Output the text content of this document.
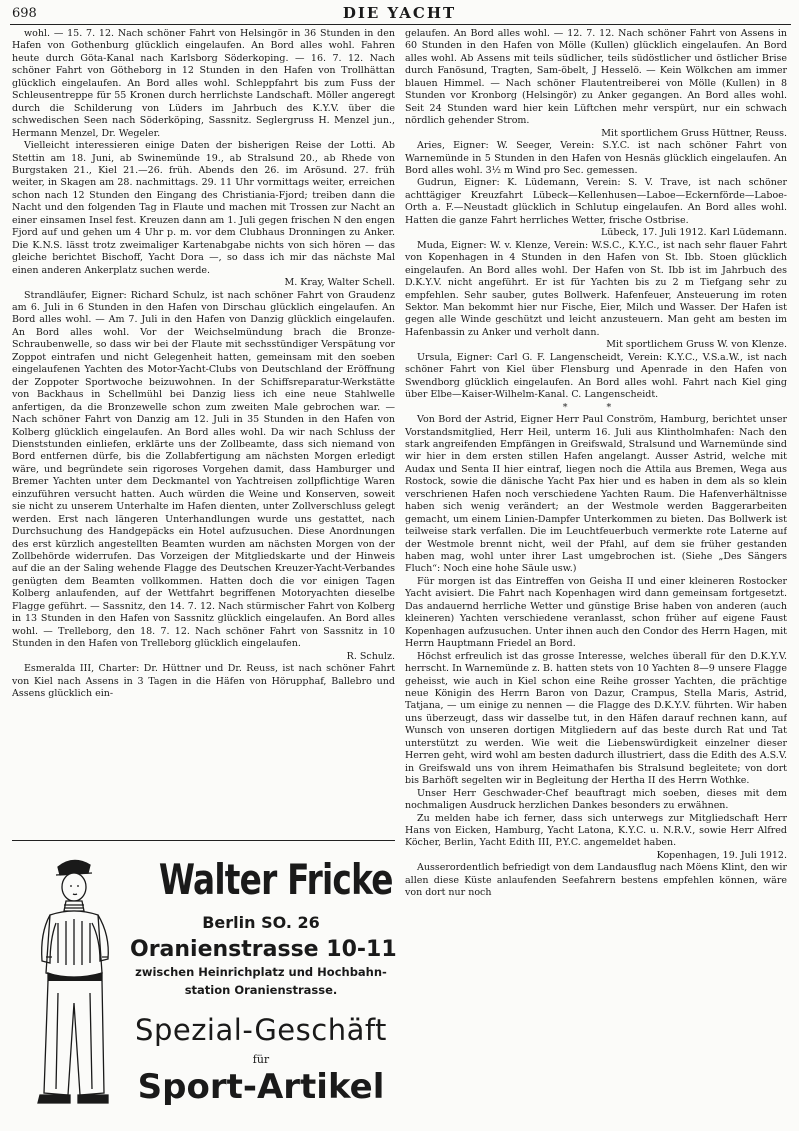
698	DIE YACHT

wohl. — 15. 7. 12. Nach schöner Fahrt von Helsingör in 36 Stunden in den Hafen von Gothenburg glücklich eingelaufen. An Bord alles wohl. Fahren heute durch Göta-Kanal nach Karlsborg Söderkoping. — 16. 7. 12. Nach schöner Fahrt von Götheborg in 12 Stunden in den Hafen von Trollhättan glücklich eingelaufen. An Bord alles wohl. Schleppfahrt bis zum Fuss der Schleusentreppe für 55 Kronen durch herrlichste Landschaft. Möller angeregt durch die Schilderung von Lüders im Jahrbuch des K.Y.V. über die schwedischen Seen nach Söderköping, Sassnitz. Seglergruss H. Menzel jun., Hermann Menzel, Dr. Wegeler.

Vielleicht interessieren einige Daten der bisherigen Reise der Lotti. Ab Stettin am 18. Juni, ab Swinemünde 19., ab Stralsund 20., ab Rhede von Burgstaken 21., Kiel 21.—26. früh. Abends den 26. im Arösund. 27. früh weiter, in Skagen am 28. nachmittags. 29. 11 Uhr vormittags weiter, erreichen schon nach 12 Stunden den Eingang des Christiania-Fjord; treiben dann die Nacht und den folgenden Tag in Flaute und machen mit Trossen zur Nacht an einer einsamen Insel fest. Kreuzen dann am 1. Juli gegen frischen N den engen Fjord auf und gehen um 4 Uhr p. m. vor dem Clubhaus Dronningen zu Anker. Die K.N.S. lässt trotz zweimaliger Kartenabgabe nichts von sich hören — das gleiche berichtet Bischoff, Yacht Dora —, so dass ich mir das nächste Mal einen anderen Ankerplatz suchen werde.

M. Kray, Walter Schell.

Strandläufer, Eigner: Richard Schulz, ist nach schöner Fahrt von Graudenz am 6. Juli in 6 Stunden in den Hafen von Dirschau glücklich eingelaufen. An Bord alles wohl. — Am 7. Juli in den Hafen von Danzig glücklich eingelaufen. An Bord alles wohl. Vor der Weichselmündung brach die Bronze-Schraubenwelle, so dass wir bei der Flaute mit sechsstündiger Verspätung vor Zoppot eintrafen und nicht Gelegenheit hatten, gemeinsam mit den soeben eingelaufenen Yachten des Motor-Yacht-Clubs von Deutschland der Eröffnung der Zoppoter Sportwoche beizuwohnen. In der Schiffsreparatur-Werkstätte von Backhaus in Schellmühl bei Danzig liess ich eine neue Stahlwelle anfertigen, da die Bronzewelle schon zum zweiten Male gebrochen war. — Nach schöner Fahrt von Danzig am 12. Juli in 35 Stunden in den Hafen von Kolberg glücklich eingelaufen. An Bord alles wohl. Da wir nach Schluss der Dienststunden einliefen, erklärte uns der Zollbeamte, dass sich niemand von Bord entfernen dürfe, bis die Zollabfertigung am nächsten Morgen erledigt wäre, und begründete sein rigoroses Vorgehen damit, dass Hamburger und Bremer Yachten unter dem Deckmantel von Yachtreisen zollpflichtige Waren einzuführen versucht hatten. Auch würden die Weine und Konserven, soweit sie nicht zu unserem Unterhalte im Hafen dienten, unter Zollverschluss gelegt werden. Erst nach längeren Unterhandlungen wurde uns gestattet, nach Durchsuchung des Handgepäcks ein Hotel aufzusuchen. Diese Anordnungen des erst kürzlich angestellten Beamten wurden am nächsten Morgen von der Zollbehörde widerrufen. Das Vorzeigen der Mitgliedskarte und der Hinweis auf die an der Saling wehende Flagge des Deutschen Kreuzer-Yacht-Verbandes genügten dem Beamten vollkommen. Hatten doch die vor einigen Tagen Kolberg anlaufenden, auf der Wettfahrt begriffenen Motoryachten dieselbe Flagge geführt. — Sassnitz, den 14. 7. 12. Nach stürmischer Fahrt von Kolberg in 13 Stunden in den Hafen von Sassnitz glücklich eingelaufen. An Bord alles wohl. — Trelleborg, den 18. 7. 12. Nach schöner Fahrt von Sassnitz in 10 Stunden in den Hafen von Trelleborg glücklich eingelaufen.

R. Schulz.

Esmeralda III, Charter: Dr. Hüttner und Dr. Reuss, ist nach schöner Fahrt von Kiel nach Assens in 3 Tagen in die Häfen von Hörupphaf, Ballebro und Assens glücklich ein-

gelaufen. An Bord alles wohl. — 12. 7. 12. Nach schöner Fahrt von Assens in 60 Stunden in den Hafen von Mölle (Kullen) glücklich eingelaufen. An Bord alles wohl. Ab Assens mit teils südlicher, teils südöstlicher und östlicher Brise durch Fanösund, Tragten, Sam-öbelt, J Hesselö. — Kein Wölkchen am immer blauen Himmel. — Nach schöner Flautentreiberei von Mölle (Kullen) in 8 Stunden vor Kronborg (Helsingör) zu Anker gegangen. An Bord alles wohl. Seit 24 Stunden ward hier kein Lüftchen mehr verspürt, nur ein schwach nördlich gehender Strom.

Mit sportlichem Gruss Hüttner, Reuss.

Aries, Eigner: W. Seeger, Verein: S.Y.C. ist nach schöner Fahrt von Warnemünde in 5 Stunden in den Hafen von Hesnäs glücklich eingelaufen. An Bord alles wohl. 3½ m Wind pro Sec. gemessen.

Gudrun, Eigner: K. Lüdemann, Verein: S. V. Trave, ist nach schöner achttägiger Kreuzfahrt Lübeck—Kellenhusen—Laboe—Eckernförde—Laboe-Orth a. F.—Neustadt glücklich in Schlutup eingelaufen. An Bord alles wohl. Hatten die ganze Fahrt herrliches Wetter, frische Ostbrise.

Lübeck, 17. Juli 1912. Karl Lüdemann.

Muda, Eigner: W. v. Klenze, Verein: W.S.C., K.Y.C., ist nach sehr flauer Fahrt von Kopenhagen in 4 Stunden in den Hafen von St. Ibb. Stoen glücklich eingelaufen. An Bord alles wohl. Der Hafen von St. Ibb ist im Jahrbuch des D.K.Y.V. nicht angeführt. Er ist für Yachten bis zu 2 m Tiefgang sehr zu empfehlen. Sehr sauber, gutes Bollwerk. Hafenfeuer, Ansteuerung im roten Sektor. Man bekommt hier nur Fische, Eier, Milch und Wasser. Der Hafen ist gegen alle Winde geschützt und leicht anzusteuern. Man geht am besten im Hafenbassin zu Anker und verholt dann.

Mit sportlichem Gruss W. von Klenze.

Ursula, Eigner: Carl G. F. Langenscheidt, Verein: K.Y.C., V.S.a.W., ist nach schöner Fahrt von Kiel über Flensburg und Apenrade in den Hafen von Swendborg glücklich eingelaufen. An Bord alles wohl. Fahrt nach Kiel ging über Elbe—Kaiser-Wilhelm-Kanal. C. Langenscheidt.

* *

Von Bord der Astrid, Eigner Herr Paul Conström, Hamburg, berichtet unser Vorstandsmitglied, Herr Heil, unterm 16. Juli aus Klintholmhafen: Nach den stark angreifenden Empfängen in Greifswald, Stralsund und Warnemünde sind wir hier in dem ersten stillen Hafen angelangt. Ausser Astrid, welche mit Audax und Senta II hier eintraf, liegen noch die Attila aus Bremen, Wega aus Rostock, sowie die dänische Yacht Pax hier und es haben in dem als so klein verschrienen Hafen noch verschiedene Yachten Raum. Die Hafenverhältnisse haben sich wenig verändert; an der Westmole werden Baggerarbeiten gemacht, um einem Linien-Dampfer Unterkommen zu bieten. Das Bollwerk ist teilweise stark verfallen. Die im Leuchtfeuerbuch vermerkte rote Laterne auf der Westmole brennt nicht, weil der Pfahl, auf dem sie früher gestanden haben mag, wohl unter ihrer Last umgebrochen ist. (Siehe „Des Sängers Fluch“: Noch eine hohe Säule usw.)

Für morgen ist das Eintreffen von Geisha II und einer kleineren Rostocker Yacht avisiert. Die Fahrt nach Kopenhagen wird dann gemeinsam fortgesetzt. Das andauernd herrliche Wetter und günstige Brise haben von anderen (auch kleineren) Yachten verschiedene veranlasst, schon früher auf eigene Faust Kopenhagen aufzusuchen. Unter ihnen auch den Condor des Herrn Hagen, mit Herrn Hauptmann Friedel an Bord.

Höchst erfreulich ist das grosse Interesse, welches überall für den D.K.Y.V. herrscht. In Warnemünde z. B. hatten stets von 10 Yachten 8—9 unsere Flagge geheisst, wie auch in Kiel schon eine Reihe grosser Yachten, die prächtige neue Königin des Herrn Baron von Dazur, Crampus, Stella Maris, Astrid, Tatjana, — um einige zu nennen — die Flagge des D.K.Y.V. führten. Wir haben uns überzeugt, dass wir dasselbe tut, in den Häfen darauf rechnen kann, auf Wunsch von unseren dortigen Mitgliedern auf das beste durch Rat und Tat unterstützt zu werden. Wie weit die Liebenswürdigkeit einzelner dieser Herren geht, wird wohl am besten dadurch illustriert, dass die Edith des A.S.V. in Greifswald uns von ihrem Heimathafen bis Stralsund begleitete; von dort bis Barhöft segelten wir in Begleitung der Hertha II des Herrn Wothke.

Unser Herr Geschwader-Chef beauftragt mich soeben, dieses mit dem nochmaligen Ausdruck herzlichen Dankes besonders zu erwähnen.

Zu melden habe ich ferner, dass sich unterwegs zur Mitgliedschaft Herr Hans von Eicken, Hamburg, Yacht Latona, K.Y.C. u. N.R.V., sowie Herr Alfred Köcher, Berlin, Yacht Edith III, P.Y.C. angemeldet haben.

Kopenhagen, 19. Juli 1912.

Ausserordentlich befriedigt von dem Landausflug nach Möens Klint, den wir allen diese Küste anlaufenden Seefahrern bestens empfehlen können, wäre von dort nur noch

Walter Fricke
Berlin SO. 26
Oranienstrasse 10-11
zwischen Heinrichplatz und Hochbahn-
station Oranienstrasse.
Spezial-Geschäft
für
Sport-Artikel
